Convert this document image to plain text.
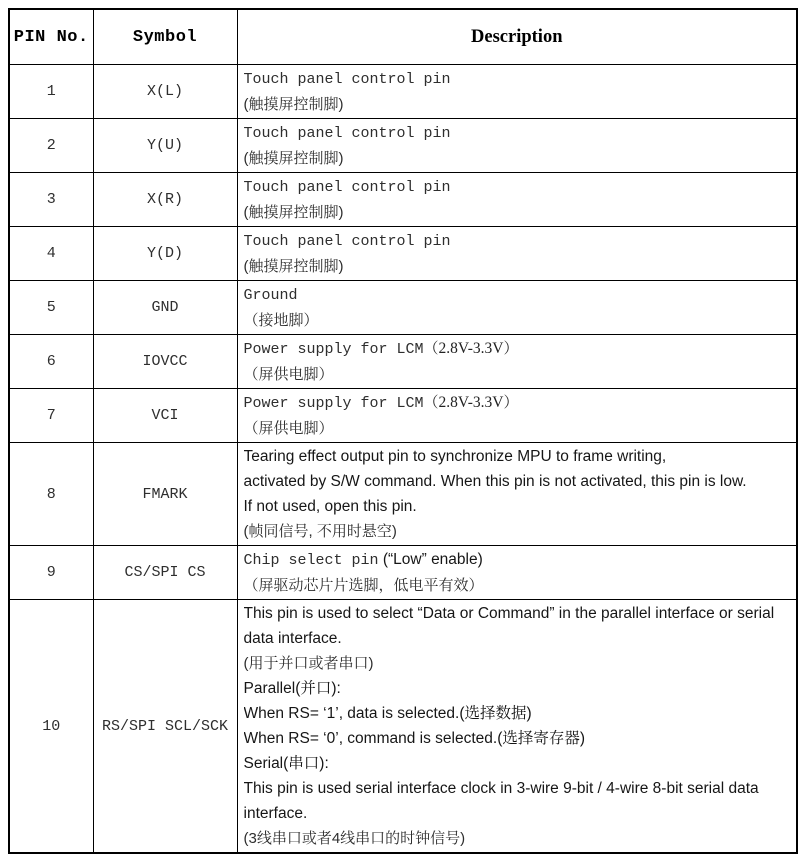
PIN No.	Symbol	Description
1	X(L)	Touch panel control pin
(触摸屏控制脚)

2	Y(U)	Touch panel control pin
(触摸屏控制脚)

3	X(R)	Touch panel control pin
(触摸屏控制脚)

4	Y(D)	Touch panel control pin
(触摸屏控制脚)

5	GND	Ground
（接地脚）

6	IOVCC	Power supply for LCM（2.8V-3.3V）
（屏供电脚）

7	VCI	Power supply for LCM（2.8V-3.3V）
（屏供电脚）

8	FMARK	Tearing effect output pin to synchronize MPU to frame writing,
activated by S/W command. When this pin is not activated, this pin is low.
If not used, open this pin.
(帧同信号, 不用时悬空)

9	CS/SPI CS	Chip select pin (“Low” enable)
（屏驱动芯片片选脚，低电平有效）

10	RS/SPI SCL/SCK	
This pin is used to select “Data or Command” in the parallel interface or serial
data interface.
(用于并口或者串口)
Parallel(并口):
When RS= ‘1’, data is selected.(选择数据)
When RS= ‘0’, command is selected.(选择寄存器)
Serial(串口):
This pin is used serial interface clock in 3-wire 9-bit / 4-wire 8-bit serial data
interface.
(3线串口或者4线串口的时钟信号)
